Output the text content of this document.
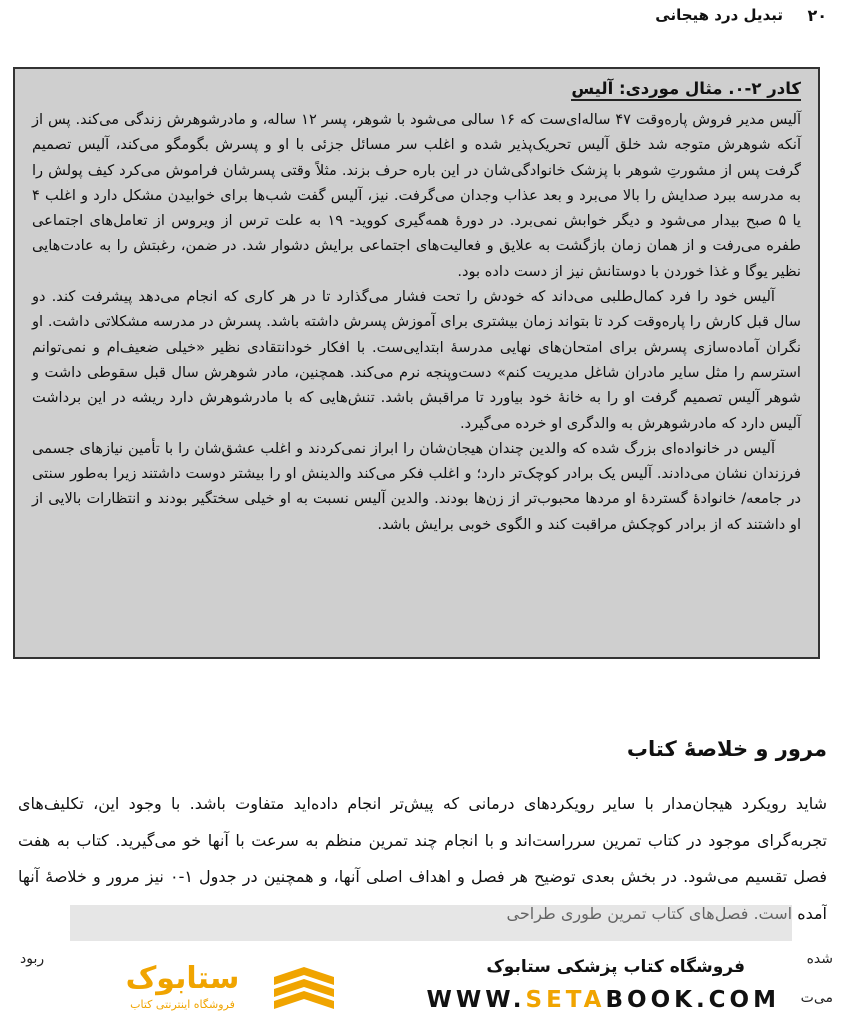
۲۰
تبدیل درد هیجانی
کادر ۲-۰. مثال موردی: آلیس

آلیس مدیر فروش پاره‌وقت ۴۷ ساله‌ای‌ست که ۱۶ سالی می‌شود با شوهر، پسر ۱۲ ساله، و مادرشوهرش زندگی می‌کند. پس از آنکه شوهرش متوجه شد خلق آلیس تحریک‌پذیر شده و اغلب سر مسائل جزئی با او و پسرش بگومگو می‌کند، آلیس تصمیم گرفت پس از مشورتِ شوهر با پزشک خانوادگی‌شان در این باره حرف بزند. مثلاً وقتی پسرشان فراموش می‌کرد کیف پولش را به مدرسه ببرد صدایش را بالا می‌برد و بعد عذاب وجدان می‌گرفت. نیز، آلیس گفت شب‌ها برای خوابیدن مشکل دارد و اغلب ۴ یا ۵ صبح بیدار می‌شود و دیگر خوابش نمی‌برد. در دورهٔ همه‌گیری کووید- ۱۹ به علت ترس از ویروس از تعامل‌های اجتماعی طفره می‌رفت و از همان زمان بازگشت به علایق و فعالیت‌های اجتماعی برایش دشوار شد. در ضمن، رغبتش را به عادت‌هایی نظیر یوگا و غذا خوردن با دوستانش نیز از دست داده بود.

آلیس خود را فرد کمال‌طلبی می‌داند که خودش را تحت فشار می‌گذارد تا در هر کاری که انجام می‌دهد پیشرفت کند. دو سال قبل کارش را پاره‌وقت کرد تا بتواند زمان بیشتری برای آموزش پسرش داشته باشد. پسرش در مدرسه مشکلاتی داشت. او نگران آماده‌سازی پسرش برای امتحان‌های نهایی مدرسهٔ ابتدایی‌ست. با افکار خودانتقادی نظیر «خیلی ضعیف‌ام و نمی‌توانم استرسم را مثل سایر مادران شاغل مدیریت کنم» دست‌وپنجه نرم می‌کند. همچنین، مادر شوهرش سال قبل سقوطی داشت و شوهر آلیس تصمیم گرفت او را به خانهٔ خود بیاورد تا مراقبش باشد. تنش‌هایی که با مادرشوهرش دارد ریشه در این برداشت آلیس دارد که مادرشوهرش به والدگری او خرده می‌گیرد.

آلیس در خانواده‌ای بزرگ شده که والدین چندان هیجان‌شان را ابراز نمی‌کردند و اغلب عشق‌شان را با تأمین نیازهای جسمی فرزندان نشان می‌دادند. آلیس یک برادر کوچک‌تر دارد؛ و اغلب فکر می‌کند والدینش او را بیشتر دوست داشتند زیرا به‌طور سنتی در جامعه/ خانوادهٔ گستردهٔ او مردها محبوب‌تر از زن‌ها بودند. والدین آلیس نسبت به او خیلی سختگیر بودند و انتظارات بالایی از او داشتند که از برادر کوچکش مراقبت کند و الگوی خوبی برایش باشد.

مرور و خلاصهٔ کتاب
شاید رویکرد هیجان‌مدار با سایر رویکردهای درمانی که پیش‌تر انجام داده‌اید متفاوت باشد. با وجود این، تکلیف‌های تجربه‌گرای موجود در کتاب تمرین سرراست‌اند و با انجام چند تمرین منظم به سرعت با آنها خو می‌گیرید. کتاب به هفت فصل تقسیم می‌شود. در بخش بعدی توضیح هر فصل و اهداف اصلی آنها، و همچنین در جدول ۱-۰ نیز مرور و خلاصهٔ آنها آمده است. فصل‌های کتاب تمرین طوری طراحی
شده
می‌ت
ربود
ستابوک
فروشگاه اینترنتی کتاب
فروشگاه کتاب پزشکی ستابوک
WWW.SETABOOK.COM
